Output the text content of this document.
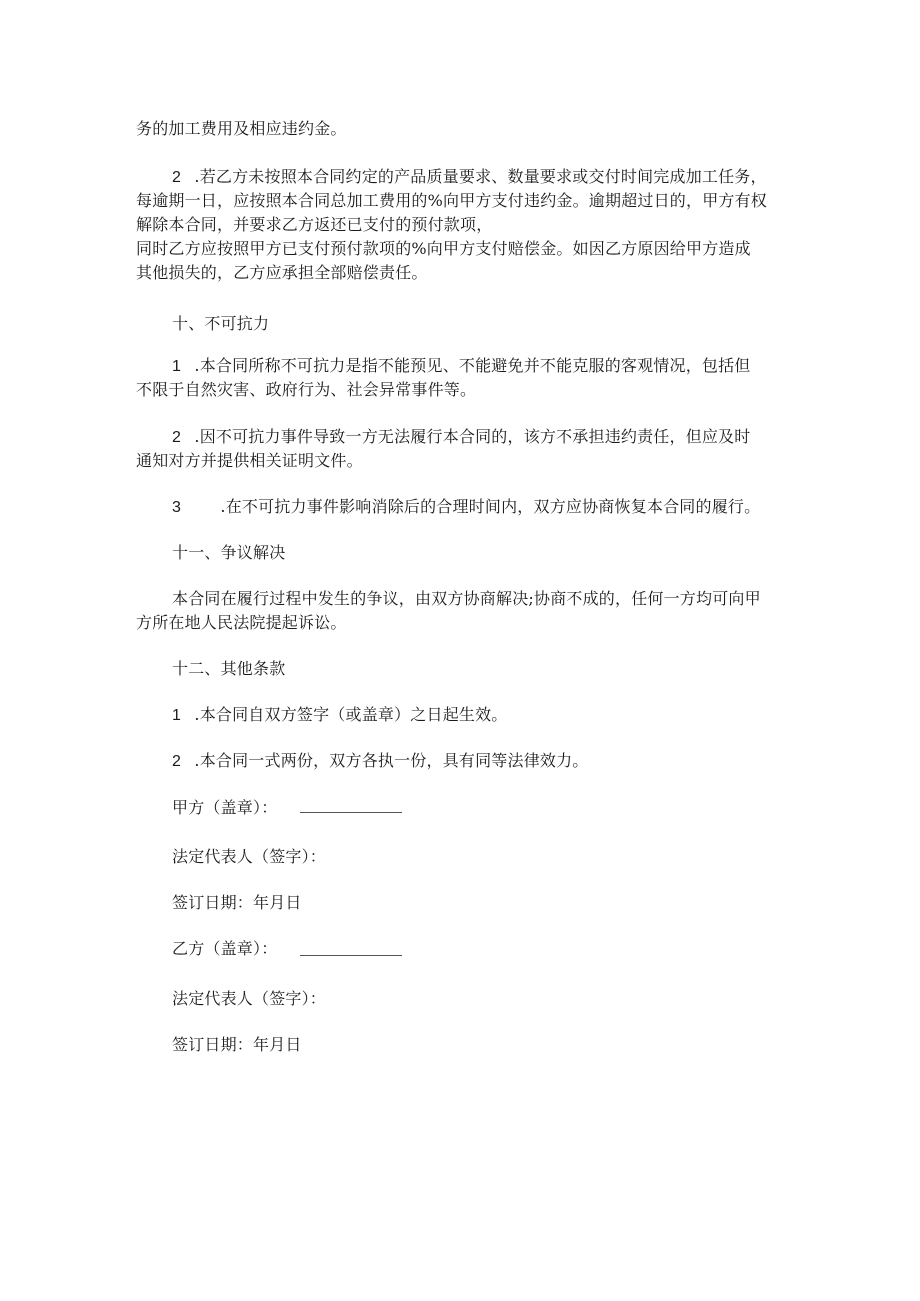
务的加工费用及相应违约金。
2 .若乙方未按照本合同约定的产品质量要求、数量要求或交付时间完成加工任务，
每逾期一日，应按照本合同总加工费用的%向甲方支付违约金。逾期超过日的，甲方有权
解除本合同，并要求乙方返还已支付的预付款项，
同时乙方应按照甲方已支付预付款项的%向甲方支付赔偿金。如因乙方原因给甲方造成
其他损失的，乙方应承担全部赔偿责任。
十、不可抗力
1 .本合同所称不可抗力是指不能预见、不能避免并不能克服的客观情况，包括但
不限于自然灾害、政府行为、社会异常事件等。
2 .因不可抗力事件导致一方无法履行本合同的，该方不承担违约责任，但应及时
通知对方并提供相关证明文件。
3 .在不可抗力事件影响消除后的合理时间内，双方应协商恢复本合同的履行。
十一、争议解决
本合同在履行过程中发生的争议，由双方协商解决;协商不成的，任何一方均可向甲
方所在地人民法院提起诉讼。
十二、其他条款
1 .本合同自双方签字（或盖章）之日起生效。
2 .本合同一式两份，双方各执一份，具有同等法律效力。
甲方（盖章）：
法定代表人（签字）：
签订日期：年月日
乙方（盖章）：
法定代表人（签字）：
签订日期：年月日
